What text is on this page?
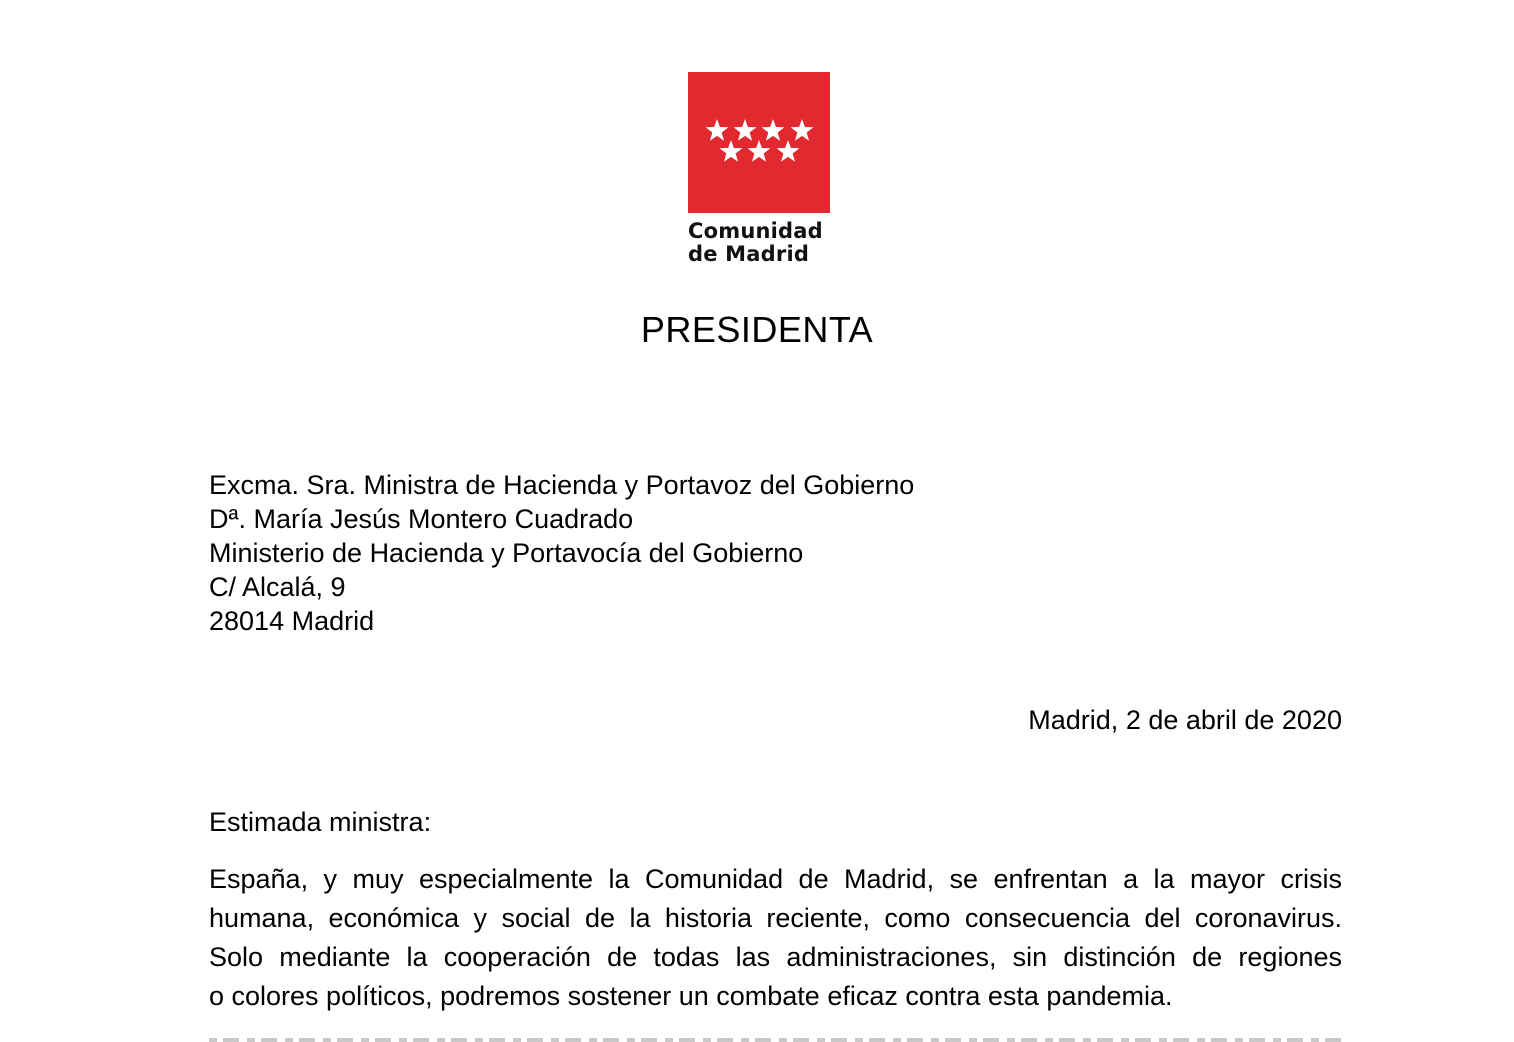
Comunidad
de Madrid
PRESIDENTA
Excma. Sra. Ministra de Hacienda y Portavoz del Gobierno
Dª. María Jesús Montero Cuadrado
Ministerio de Hacienda y Portavocía del Gobierno
C/ Alcalá, 9
28014 Madrid
Madrid, 2 de abril de 2020
Estimada ministra:
España, y muy especialmente la Comunidad de Madrid, se enfrentan a la mayor crisis
humana, económica y social de la historia reciente, como consecuencia del coronavirus.
Solo mediante la cooperación de todas las administraciones, sin distinción de regiones
o colores políticos, podremos sostener un combate eficaz contra esta pandemia.
